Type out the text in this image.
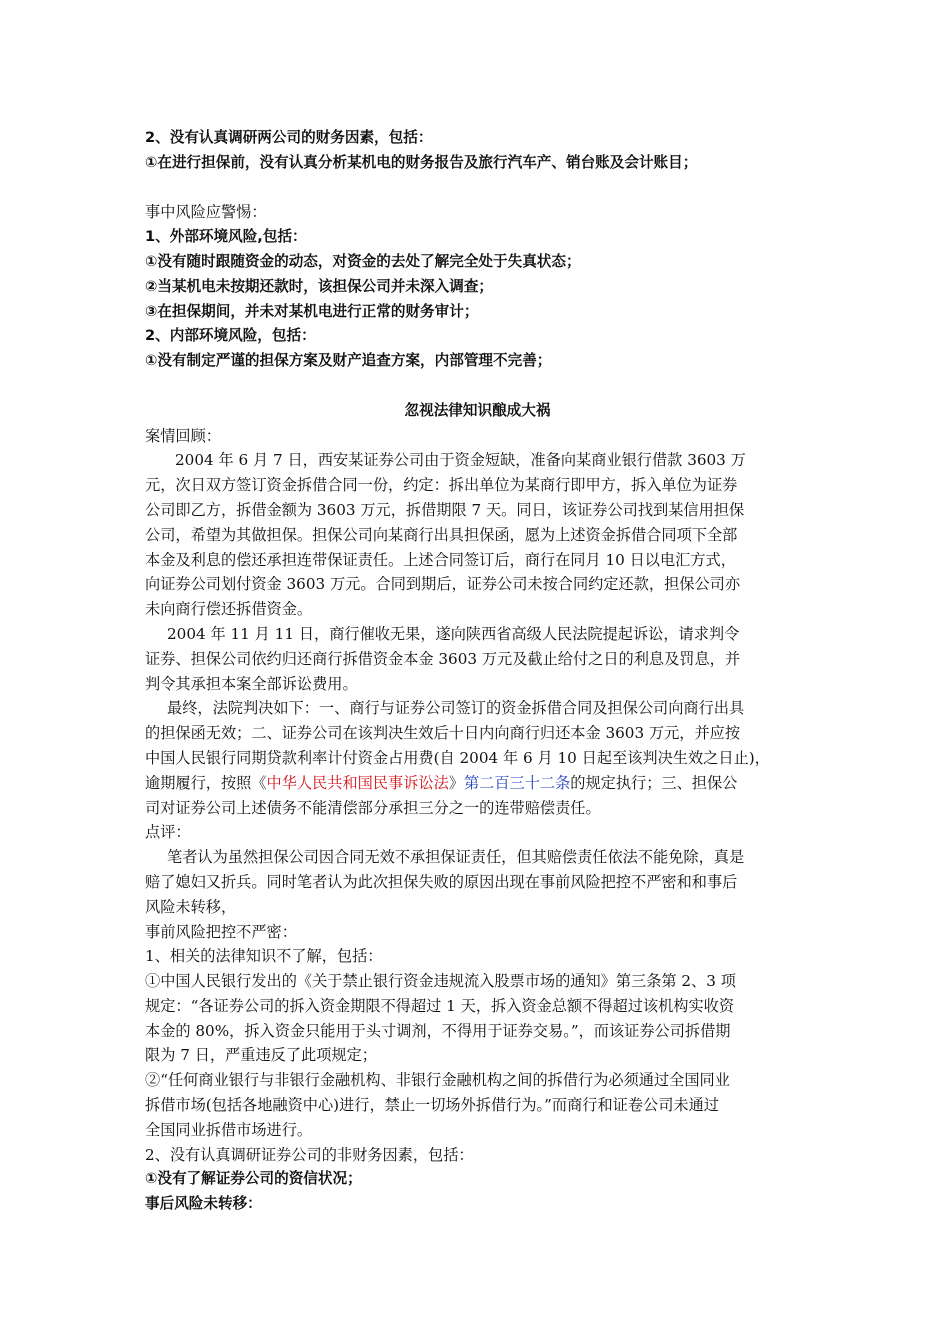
2、没有认真调研两公司的财务因素，包括：
①在进行担保前，没有认真分析某机电的财务报告及旅行汽车产、销台账及会计账目；
事中风险应警惕：
1、外部环境风险,包括：
①没有随时跟随资金的动态，对资金的去处了解完全处于失真状态；
②当某机电未按期还款时，该担保公司并未深入调查；
③在担保期间，并未对某机电进行正常的财务审计；
2、内部环境风险，包括：
①没有制定严谨的担保方案及财产追查方案，内部管理不完善；
忽视法律知识酿成大祸
案情回顾：
2004 年 6 月 7 日，西安某证券公司由于资金短缺，准备向某商业银行借款 3603 万
元，次日双方签订资金拆借合同一份，约定：拆出单位为某商行即甲方，拆入单位为证券
公司即乙方，拆借金额为 3603 万元，拆借期限 7 天。同日，该证券公司找到某信用担保
公司，希望为其做担保。担保公司向某商行出具担保函，愿为上述资金拆借合同项下全部
本金及利息的偿还承担连带保证责任。上述合同签订后，商行在同月 10 日以电汇方式，
向证券公司划付资金 3603 万元。合同到期后，证券公司未按合同约定还款，担保公司亦
未向商行偿还拆借资金。
2004 年 11 月 11 日，商行催收无果，遂向陕西省高级人民法院提起诉讼，请求判令
证券、担保公司依约归还商行拆借资金本金 3603 万元及截止给付之日的利息及罚息，并
判令其承担本案全部诉讼费用。
最终，法院判决如下：一、商行与证券公司签订的资金拆借合同及担保公司向商行出具
的担保函无效；二、证券公司在该判决生效后十日内向商行归还本金 3603 万元，并应按
中国人民银行同期贷款利率计付资金占用费(自 2004 年 6 月 10 日起至该判决生效之日止)，
逾期履行，按照《中华人民共和国民事诉讼法》第二百三十二条的规定执行；三、担保公
司对证券公司上述债务不能清偿部分承担三分之一的连带赔偿责任。
点评：
笔者认为虽然担保公司因合同无效不承担保证责任，但其赔偿责任依法不能免除，真是
赔了媳妇又折兵。同时笔者认为此次担保失败的原因出现在事前风险把控不严密和和事后
风险未转移，
事前风险把控不严密：
1、相关的法律知识不了解，包括：
①中国人民银行发出的《关于禁止银行资金违规流入股票市场的通知》第三条第 2、3 项
规定：“各证券公司的拆入资金期限不得超过 1 天，拆入资金总额不得超过该机构实收资
本金的 80%，拆入资金只能用于头寸调剂，不得用于证券交易。”，而该证券公司拆借期
限为 7 日，严重违反了此项规定；
②“任何商业银行与非银行金融机构、非银行金融机构之间的拆借行为必须通过全国同业
拆借市场(包括各地融资中心)进行，禁止一切场外拆借行为。”而商行和证卷公司未通过
全国同业拆借市场进行。
2、没有认真调研证券公司的非财务因素，包括：
①没有了解证券公司的资信状况；
事后风险未转移：
